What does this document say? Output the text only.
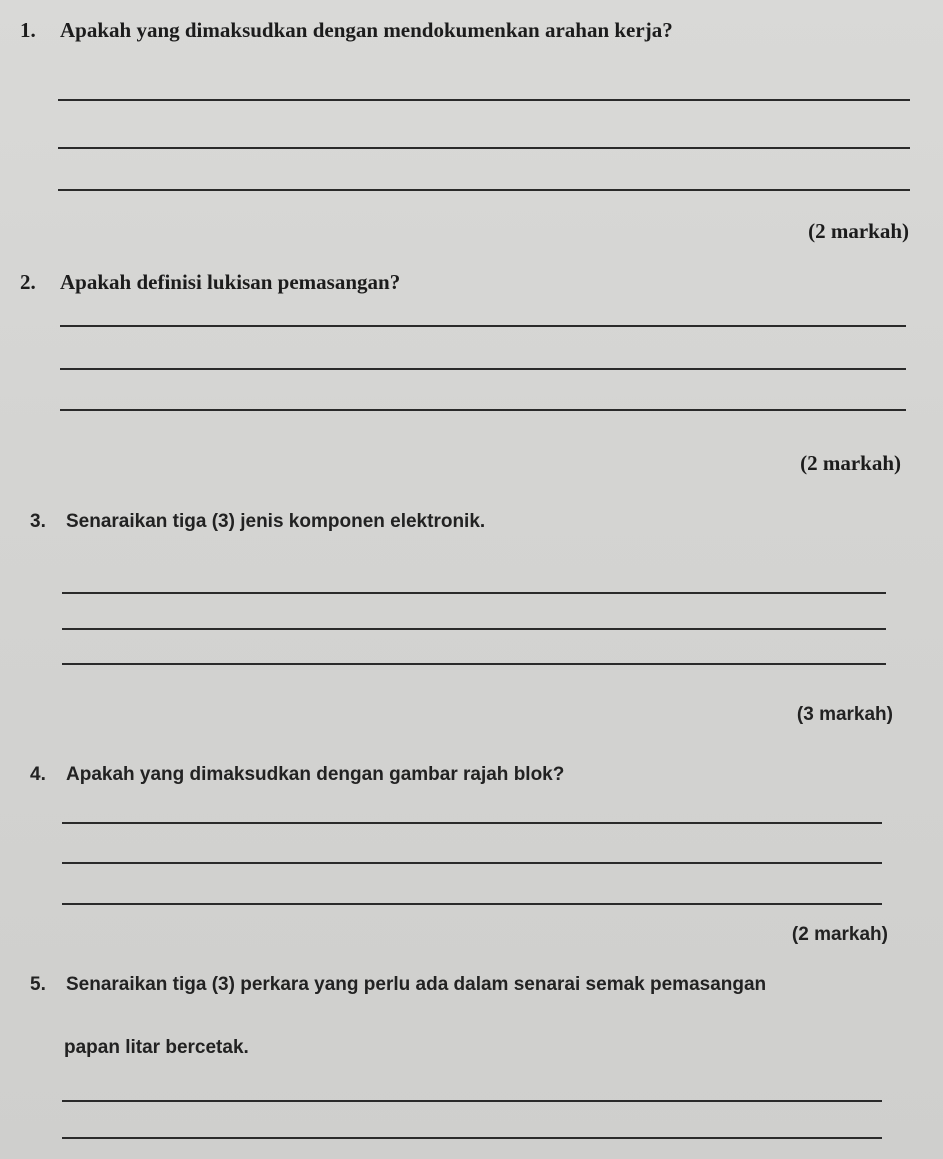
1. Apakah yang dimaksudkan dengan mendokumenkan arahan kerja?
(2 markah)
2. Apakah definisi lukisan pemasangan?
(2 markah)
3. Senaraikan tiga (3) jenis komponen elektronik.
(3 markah)
4. Apakah yang dimaksudkan dengan gambar rajah blok?
(2 markah)
5. Senaraikan tiga (3) perkara yang perlu ada dalam senarai semak pemasangan
papan litar bercetak.
